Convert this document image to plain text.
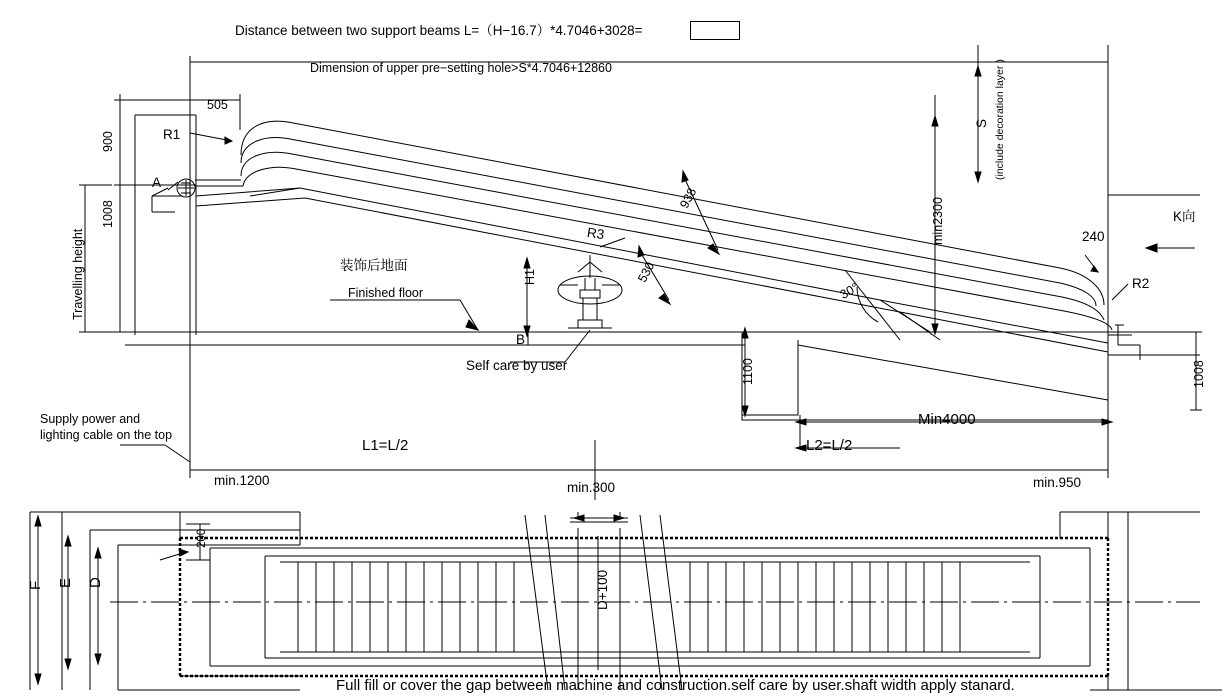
Distance between two support beams L=（H−16.7）*4.7046+3028=
Dimension of upper pre−setting hole>S*4.7046+12860
505
900
1008
Travelling height
R1
R2
R3
A
B
H1
938
530
30°
min2300
S (include decoration layer )
K向
240
1008
装饰后地面
Finished floor
Self care by user
Supply power and
lighting cable on the top
1100
Min4000
L1=L/2	L2=L/2
min.1200	min.300	min.950
200
D+100
F E D
Full fill or cover the gap between machine and construction.self care by user.shaft width apply stanard.
